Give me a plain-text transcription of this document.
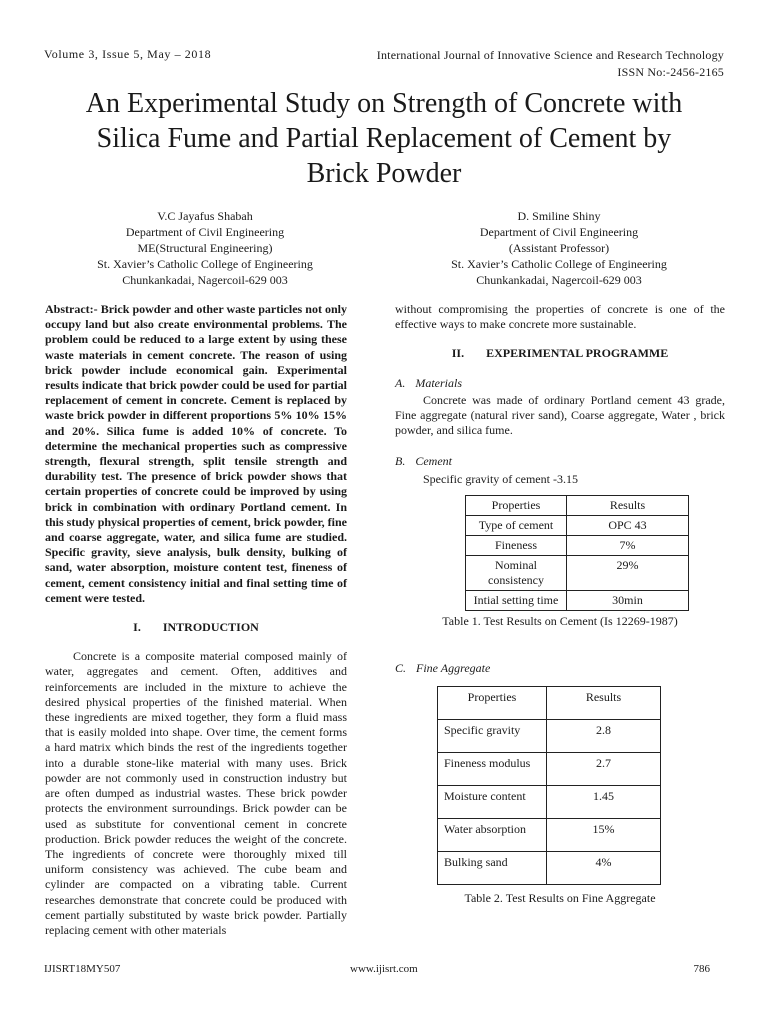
Volume 3, Issue 5, May – 2018	International Journal of Innovative Science and Research Technology
ISSN No:-2456-2165
An Experimental Study on Strength of Concrete with
Silica Fume and Partial Replacement of Cement by
Brick Powder
V.C Jayafus Shabah
Department of Civil Engineering
ME(Structural Engineering)
St. Xavier’s Catholic College of Engineering
Chunkankadai, Nagercoil-629 003
D. Smiline Shiny
Department of Civil Engineering
(Assistant Professor)
St. Xavier’s Catholic College of Engineering
Chunkankadai, Nagercoil-629 003
Abstract:- Brick powder and other waste particles not only occupy land but also create environmental problems. The problem could be reduced to a large extent by using these waste materials in cement concrete. The reason of using brick powder include economical gain. Experimental results indicate that brick powder could be used for partial replacement of cement in concrete. Cement is replaced by waste brick powder in different proportions 5% 10% 15% and 20%. Silica fume is added 10% of concrete. To determine the mechanical properties such as compressive strength, flexural strength, split tensile strength and durability test. The presence of brick powder shows that certain properties of concrete could be improved by using brick in combination with ordinary Portland cement. In this study physical properties of cement, brick powder, fine and coarse aggregate, water, and silica fume are studied. Specific gravity, sieve analysis, bulk density, bulking of sand, water absorption, moisture content test, fineness of cement, cement consistency initial and final setting time of cement were tested.
I. INTRODUCTION
Concrete is a composite material composed mainly of water, aggregates and cement. Often, additives and reinforcements are included in the mixture to achieve the desired physical properties of the finished material. When these ingredients are mixed together, they form a fluid mass that is easily molded into shape. Over time, the cement forms a hard matrix which binds the rest of the ingredients together into a durable stone-like material with many uses. Brick powder are not commonly used in construction industry but are often dumped as industrial wastes. These brick powder protects the environment surroundings. Brick powder can be used as substitute for conventional cement in concrete production. Brick powder reduces the weight of the concrete. The ingredients of concrete were thoroughly mixed till uniform consistency was achieved. The cube beam and cylinder are compacted on a vibrating table. Current researches demonstrate that concrete could be produced with cement partially substituted by waste brick powder. Partially replacing cement with other materials
without compromising the properties of concrete is one of the effective ways to make concrete more sustainable.
II. EXPERIMENTAL PROGRAMME
A. Materials
Concrete was made of ordinary Portland cement 43 grade, Fine aggregate (natural river sand), Coarse aggregate, Water , brick powder, and silica fume.
B. Cement
Specific gravity of cement -3.15
Properties	Results
Type of cement	OPC 43
Fineness	7%
Nominal consistency	29%
Intial setting time	30min
Table 1. Test Results on Cement (Is 12269-1987)
C. Fine Aggregate
Properties	Results
Specific gravity	2.8
Fineness modulus	2.7
Moisture content	1.45
Water absorption	15%
Bulking sand	4%
Table 2. Test Results on Fine Aggregate
IJISRT18MY507	www.ijisrt.com	786
